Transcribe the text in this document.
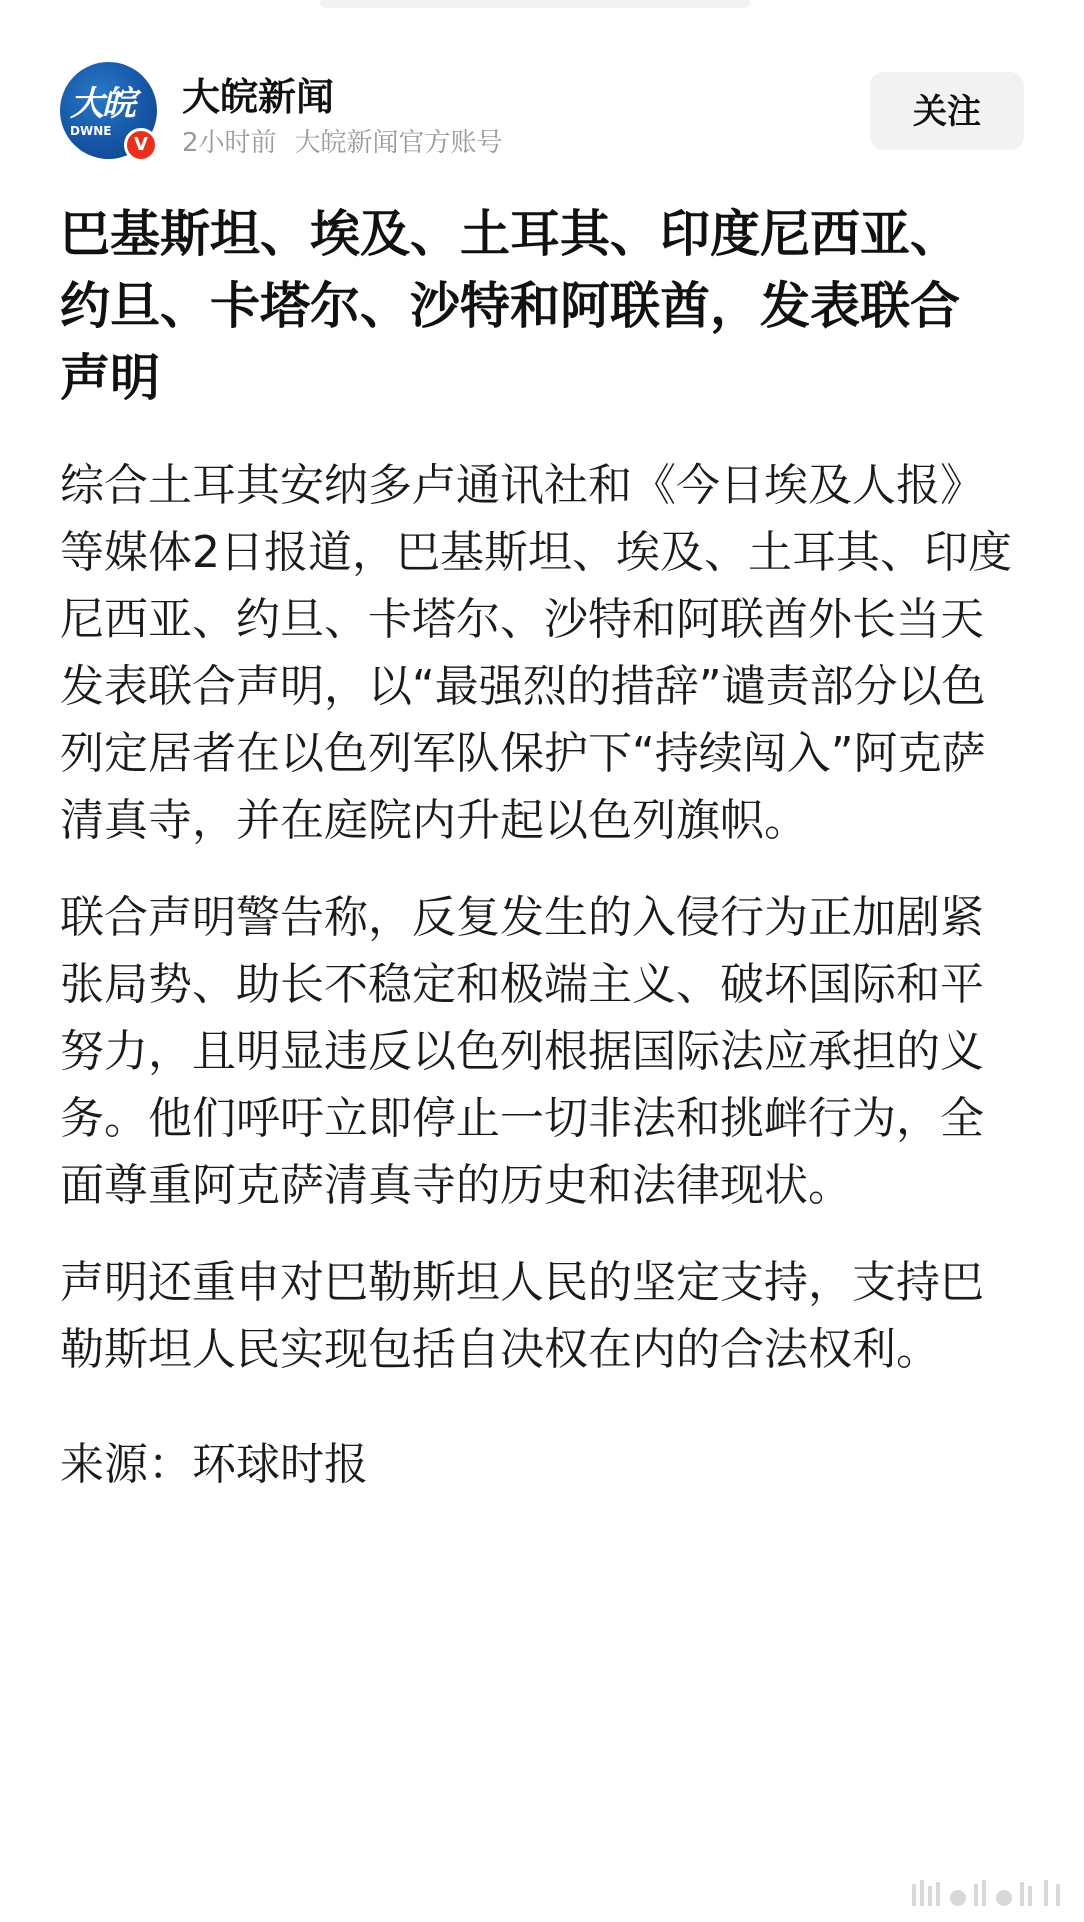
大皖
DWNE
V
大皖新闻
2小时前 大皖新闻官方账号
关注
巴基斯坦、埃及、土耳其、印度尼西亚、约旦、卡塔尔、沙特和阿联酋，发表联合声明

综合土耳其安纳多卢通讯社和《今日埃及人报》等媒体2日报道，巴基斯坦、埃及、土耳其、印度尼西亚、约旦、卡塔尔、沙特和阿联酋外长当天发表联合声明，以“最强烈的措辞”谴责部分以色列定居者在以色列军队保护下“持续闯入”阿克萨清真寺，并在庭院内升起以色列旗帜。

联合声明警告称，反复发生的入侵行为正加剧紧张局势、助长不稳定和极端主义、破坏国际和平努力，且明显违反以色列根据国际法应承担的义务。他们呼吁立即停止一切非法和挑衅行为，全面尊重阿克萨清真寺的历史和法律现状。

声明还重申对巴勒斯坦人民的坚定支持，支持巴勒斯坦人民实现包括自决权在内的合法权利。

来源：环球时报
